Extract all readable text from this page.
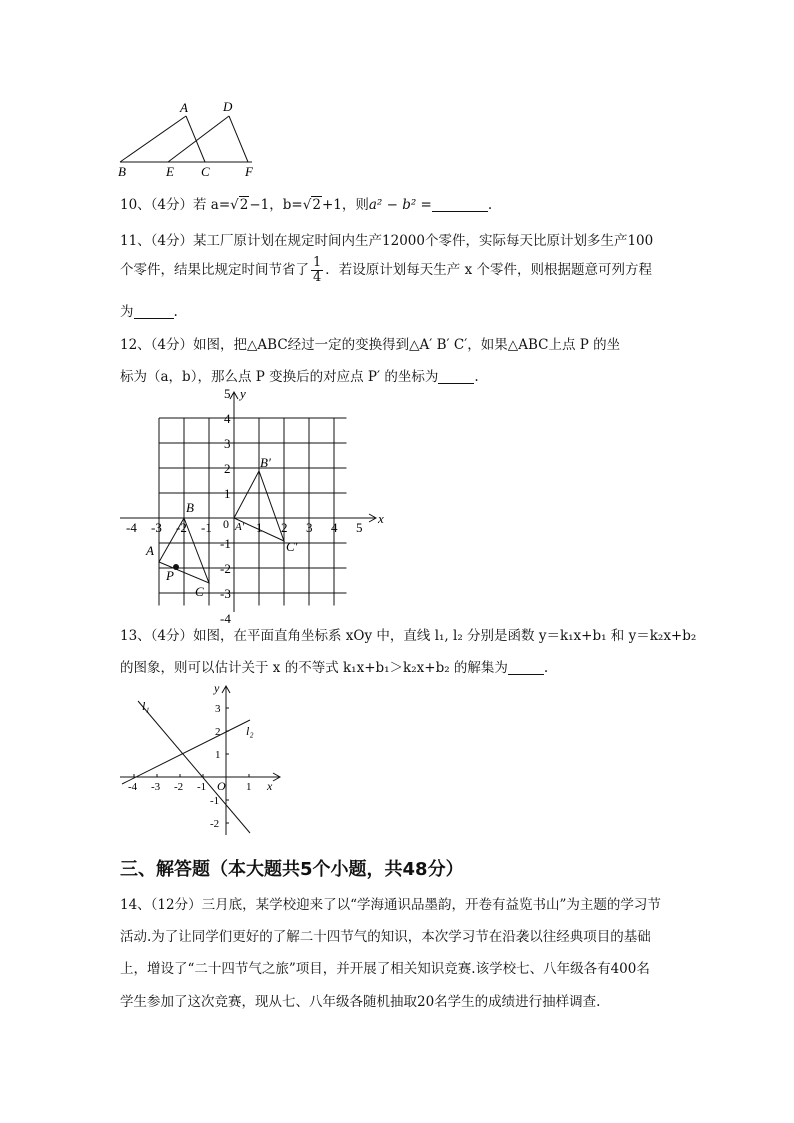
A	D
B	E C	F
10、（4分）若 a=√2−1，b=√2+1，则a² − b² =	.
11、（4分）某工厂原计划在规定时间内生产12000个零件，实际每天比原计划多生产100
个零件，结果比规定时间节省了 $\frac{1}{4}$ ．若设原计划每天生产 x 个零件，则根据题意可列方程
为	.
12、（4分）如图，把△ABC经过一定的变换得到△A′ B′ C′，如果△ABC上点 P 的坐
标为（a，b），那么点 P 变换后的对应点 P′ 的坐标为	.
-4 -3 -2 -1	1 2 3 4 5
5
4
3
2
1
-1
-2
-3
-4
x
y
0
A
B
C
P
A′
B′
C′
13、（4分）如图，在平面直角坐标系 xOy 中，直线 l₁, l₂ 分别是函数 y＝k₁x+b₁ 和 y＝k₂x+b₂
的图象，则可以估计关于 x 的不等式 k₁x+b₁＞k₂x+b₂ 的解集为	.
-4 -3 -2 -1	1
3
2
1
-1
-2
x
y
O
l₁
l₂
三、解答题（本大题共5个小题，共48分）
14、（12分）三月底，某学校迎来了以“学海通识品墨韵，开卷有益览书山”为主题的学习节
活动.为了让同学们更好的了解二十四节气的知识，本次学习节在沿袭以往经典项目的基础
上，增设了“二十四节气之旅”项目，并开展了相关知识竞赛.该学校七、八年级各有400名
学生参加了这次竞赛，现从七、八年级各随机抽取20名学生的成绩进行抽样调查.
